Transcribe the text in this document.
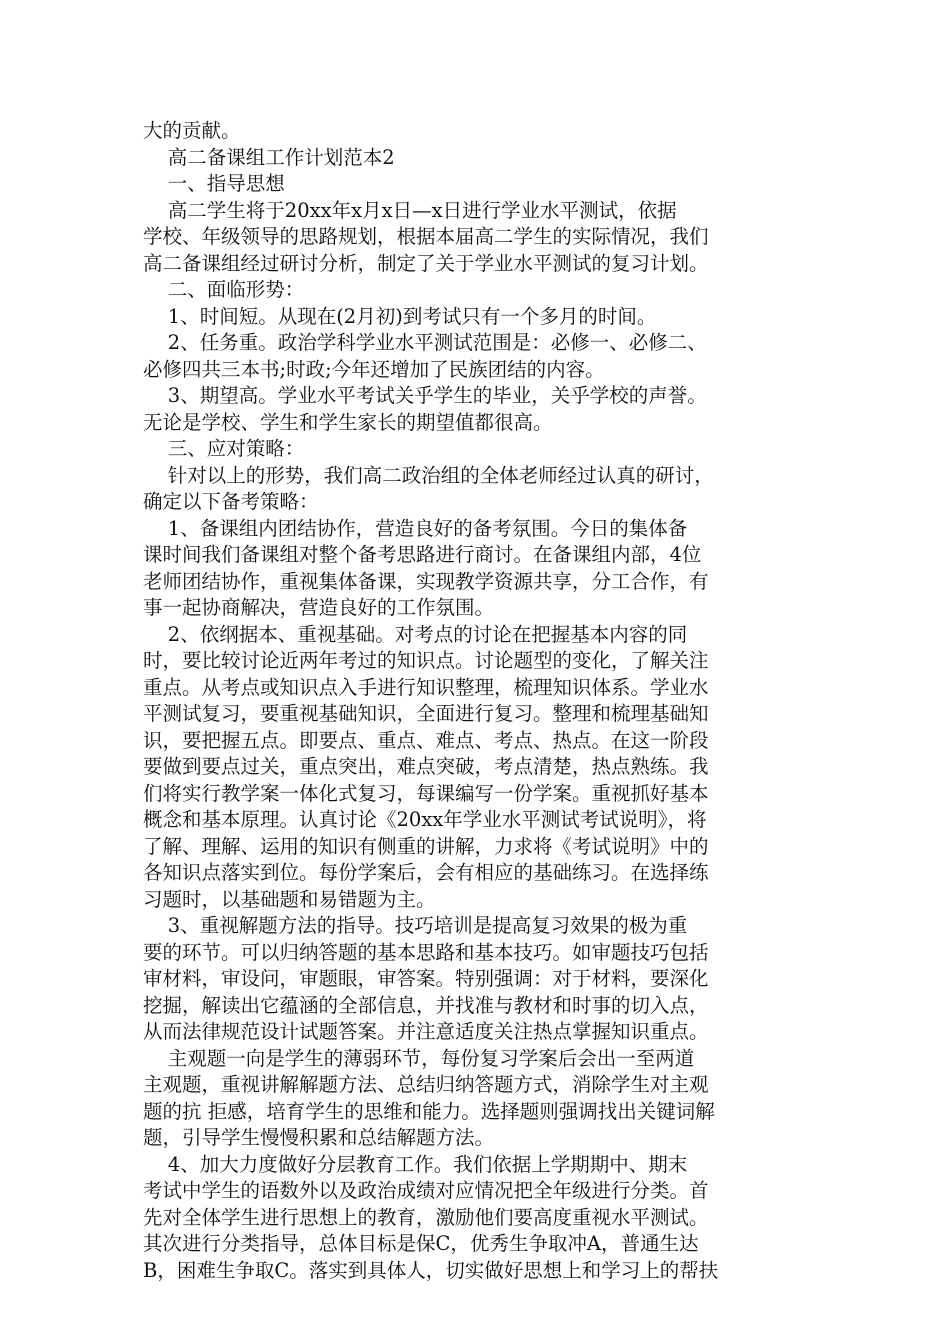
大的贡献。
高二备课组工作计划范本2
一、指导思想
高二学生将于20xx年x月x日—x日进行学业水平测试，依据
学校、年级领导的思路规划，根据本届高二学生的实际情况，我们
高二备课组经过研讨分析，制定了关于学业水平测试的复习计划。
二、面临形势：
1、时间短。从现在(2月初)到考试只有一个多月的时间。
2、任务重。政治学科学业水平测试范围是：必修一、必修二、
必修四共三本书;时政;今年还增加了民族团结的内容。
3、期望高。学业水平考试关乎学生的毕业，关乎学校的声誉。
无论是学校、学生和学生家长的期望值都很高。
三、应对策略：
针对以上的形势，我们高二政治组的全体老师经过认真的研讨，
确定以下备考策略：
1、备课组内团结协作，营造良好的备考氛围。今日的集体备
课时间我们备课组对整个备考思路进行商讨。在备课组内部，4位
老师团结协作，重视集体备课，实现教学资源共享，分工合作，有
事一起协商解决，营造良好的工作氛围。
2、依纲据本、重视基础。对考点的讨论在把握基本内容的同
时，要比较讨论近两年考过的知识点。讨论题型的变化，了解关注
重点。从考点或知识点入手进行知识整理，梳理知识体系。学业水
平测试复习，要重视基础知识，全面进行复习。整理和梳理基础知
识，要把握五点。即要点、重点、难点、考点、热点。在这一阶段
要做到要点过关，重点突出，难点突破，考点清楚，热点熟练。我
们将实行教学案一体化式复习，每课编写一份学案。重视抓好基本
概念和基本原理。认真讨论《20xx年学业水平测试考试说明》，将
了解、理解、运用的知识有侧重的讲解，力求将《考试说明》中的
各知识点落实到位。每份学案后，会有相应的基础练习。在选择练
习题时，以基础题和易错题为主。
3、重视解题方法的指导。技巧培训是提高复习效果的极为重
要的环节。可以归纳答题的基本思路和基本技巧。如审题技巧包括
审材料，审设问，审题眼，审答案。特别强调：对于材料，要深化
挖掘，解读出它蕴涵的全部信息，并找准与教材和时事的切入点，
从而法律规范设计试题答案。并注意适度关注热点掌握知识重点。
主观题一向是学生的薄弱环节，每份复习学案后会出一至两道
主观题，重视讲解解题方法、总结归纳答题方式，消除学生对主观
题的抗 拒感，培育学生的思维和能力。选择题则强调找出关键词解
题，引导学生慢慢积累和总结解题方法。
4、加大力度做好分层教育工作。我们依据上学期期中、期末
考试中学生的语数外以及政治成绩对应情况把全年级进行分类。首
先对全体学生进行思想上的教育，激励他们要高度重视水平测试。
其次进行分类指导，总体目标是保C，优秀生争取冲A，普通生达
B，困难生争取C。落实到具体人，切实做好思想上和学习上的帮扶
